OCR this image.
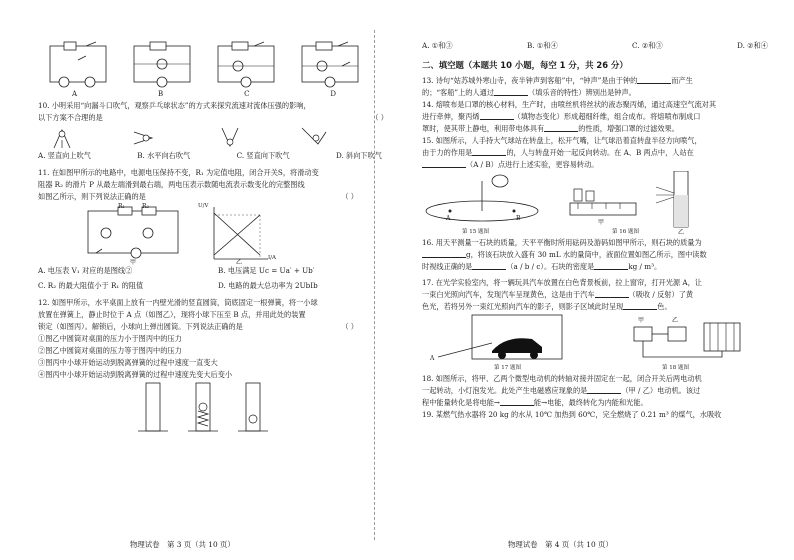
A	B	C	D

10. 小明采用“向漏斗口吹气，观察乒乓球状态”的方式来探究流速对流体压强的影响，

以下方案不合理的是	（ ）

A. 竖直向上吹气	B. 水平向右吹气	C. 竖直向下吹气	D. 斜向下吹气

11. 在如图甲所示的电路中，电源电压保持不变，R₁ 为定值电阻，闭合开关S，将滑动变

阻器 R₂ 的滑片 P 从最左端滑到最右端，两电压表示数随电流表示数变化的完整图线

如图乙所示，则下列说法正确的是	（ ）

R₁	R₂
甲	乙
U/V
I/A
A. 电压表 V₁ 对应的是图线②	B. 电压满足 Uc = Ua′ + Ub′
C. R₂ 的最大阻值小于 R₁ 的阻值	D. 电路的最大总功率为 2UbIb

12. 如图甲所示，水平桌面上放有一内壁光滑的竖直圆筒，筒底固定一根弹簧，将一小球

放置在弹簧上，静止时位于 A 点（如图乙），现将小球下压至 B 点，并用此处的装置

锁定（如图丙）。解锁后，小球向上弹出圆筒。下列说法正确的是	（ ）

①图乙中圆筒对桌面的压力小于图丙中的压力

②图乙中圆筒对桌面的压力等于图丙中的压力

③图丙中小球开始运动到脱离弹簧的过程中速度一直变大

④图丙中小球开始运动到脱离弹簧的过程中速度先变大后变小

物理试卷　第 3 页（共 10 页）
A. ①和③	B. ①和④	C. ②和③	D. ②和④
二、填空题（本题共 10 小题，每空 1 分，共 26 分）

13. 诗句“姑苏城外寒山寺，夜半钟声到客船”中，“钟声”是由于钟的	而产生

的；“客船”上的人通过	（填乐音的特性）辨别出是钟声。

14. 熔喷布是口罩的核心材料，生产时，由喷丝机将丝状的液态聚丙烯，通过高速空气流对其

进行牵伸，聚丙烯	（填物态变化）形成超细纤维，组合成布。将熔喷布制成口

罩时，使其带上静电，利用带电体具有	的性质，增强口罩的过滤效果。

15. 如图所示，人手持大气球站在转盘上，松开气嘴，让气球沿着直转盘半径方向喷气，

由于力的作用是	的，人与转盘开始一起反向转动。在 A、B 两点中，人站在

（A / B）点进行上述实验，更容易转动。

A	B
第 15 题图
甲
乙
第 16 题图

16. 用天平测量一石块的质量，天平平衡时所用砝码及游码如图甲所示，则石块的质量为

g，将该石块放入盛有 30 mL 水的量筒中，液面位置如图乙所示，图中读数

时视线正确的是	（a / b / c）。石块的密度是	kg / m³。

17. 在光学实验室内，将一辆玩具汽车放置在白色背景板前，拉上窗帘，打开光源 A，让

一束白光照向汽车，发现汽车呈现黄色，这是由于汽车	（吸收 / 反射）了黄

色光，若将另外一束红光照向汽车的影子，则影子区域此时呈现	色。

A
第 17 题图
甲	乙
第 18 题图

18. 如图所示，将甲、乙两个微型电动机的转轴对接并固定在一起，闭合开关后两电动机

一起转动，小灯泡发光。此处产生电磁感应现象的是	（甲 / 乙）电动机。该过

程中能量转化是将电能→	能→电能，最终转化为内能和光能。

19. 某燃气热水器将 20 kg 的水从 10℃ 加热到 60℃，完全燃烧了 0.21 m³ 的煤气，水吸收

物理试卷　第 4 页（共 10 页）
